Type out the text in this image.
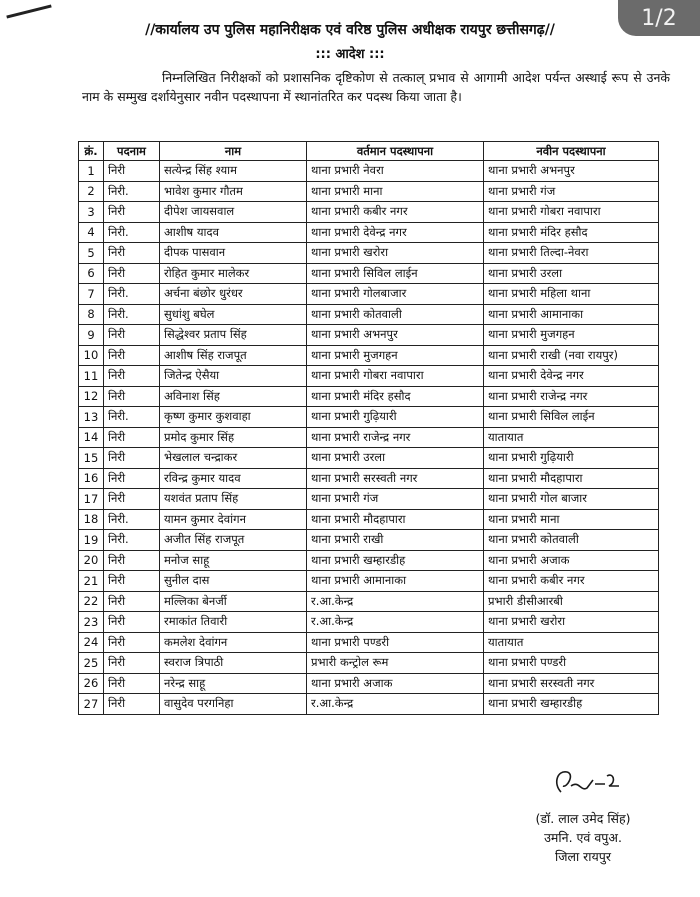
1/2
//कार्यालय उप पुलिस महानिरीक्षक एवं वरिष्ठ पुलिस अधीक्षक रायपुर छत्तीसगढ़//
::: आदेश :::
निम्नलिखित निरीक्षकों को प्रशासनिक दृष्टिकोण से तत्काल् प्रभाव से आगामी आदेश पर्यन्त अस्थाई रूप से उनके नाम के सम्मुख दर्शायेनुसार नवीन पदस्थापना में स्थानांतरित कर पदस्थ किया जाता है।
क्रं.	पदनाम	नाम	वर्तमान पदस्थापना	नवीन पदस्थापना
1	निरी	सत्येन्द्र सिंह श्याम	थाना प्रभारी नेवरा	थाना प्रभारी अभनपुर
2	निरी.	भावेश कुमार गौतम	थाना प्रभारी माना	थाना प्रभारी गंज
3	निरी	दीपेश जायसवाल	थाना प्रभारी कबीर नगर	थाना प्रभारी गोबरा नवापारा
4	निरी.	आशीष यादव	थाना प्रभारी देवेन्द्र नगर	थाना प्रभारी मंदिर हसौद
5	निरी	दीपक पासवान	थाना प्रभारी खरोरा	थाना प्रभारी तिल्दा-नेवरा
6	निरी	रोहित कुमार मालेकर	थाना प्रभारी सिविल लाईन	थाना प्रभारी उरला
7	निरी.	अर्चना बंछोर धुरंधर	थाना प्रभारी गोलबाजार	थाना प्रभारी महिला थाना
8	निरी.	सुधांशु बघेल	थाना प्रभारी कोतवाली	थाना प्रभारी आमानाका
9	निरी	सिद्धेश्वर प्रताप सिंह	थाना प्रभारी अभनपुर	थाना प्रभारी मुजगहन
10	निरी	आशीष सिंह राजपूत	थाना प्रभारी मुजगहन	थाना प्रभारी राखी (नवा रायपुर)
11	निरी	जितेन्द्र ऐसैया	थाना प्रभारी गोबरा नवापारा	थाना प्रभारी देवेन्द्र नगर
12	निरी	अविनाश सिंह	थाना प्रभारी मंदिर हसौद	थाना प्रभारी राजेन्द्र नगर
13	निरी.	कृष्ण कुमार कुशवाहा	थाना प्रभारी गुढ़ियारी	थाना प्रभारी सिविल लाईन
14	निरी	प्रमोद कुमार सिंह	थाना प्रभारी राजेन्द्र नगर	यातायात
15	निरी	भेखलाल चन्द्राकर	थाना प्रभारी उरला	थाना प्रभारी गुढ़ियारी
16	निरी	रविन्द्र कुमार यादव	थाना प्रभारी सरस्वती नगर	थाना प्रभारी मौदहापारा
17	निरी	यशवंत प्रताप सिंह	थाना प्रभारी गंज	थाना प्रभारी गोल बाजार
18	निरी.	यामन कुमार देवांगन	थाना प्रभारी मौदहापारा	थाना प्रभारी माना
19	निरी.	अजीत सिंह राजपूत	थाना प्रभारी राखी	थाना प्रभारी कोतवाली
20	निरी	मनोज साहू	थाना प्रभारी खम्हारडीह	थाना प्रभारी अजाक
21	निरी	सुनील दास	थाना प्रभारी आमानाका	थाना प्रभारी कबीर नगर
22	निरी	मल्लिका बेनर्जी	र.आ.केन्द्र	प्रभारी डीसीआरबी
23	निरी	रमाकांत तिवारी	र.आ.केन्द्र	थाना प्रभारी खरोरा
24	निरी	कमलेश देवांगन	थाना प्रभारी पण्डरी	यातायात
25	निरी	स्वराज त्रिपाठी	प्रभारी कन्ट्रोल रूम	थाना प्रभारी पण्डरी
26	निरी	नरेन्द्र साहू	थाना प्रभारी अजाक	थाना प्रभारी सरस्वती नगर
27	निरी	वासुदेव परगनिहा	र.आ.केन्द्र	थाना प्रभारी खम्हारडीह
(डॉ. लाल उमेद सिंह)
उमनि. एवं वपुअ.
जिला रायपुर
